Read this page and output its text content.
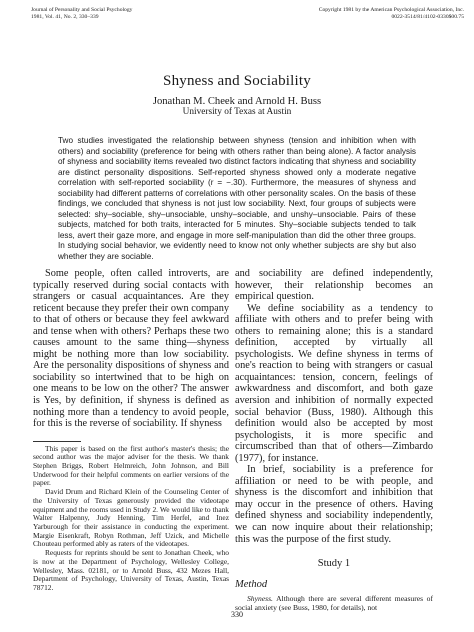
Journal of Personality and Social Psychology
1981, Vol. 41, No. 2, 330–339
Copyright 1981 by the American Psychological Association, Inc.
0022-3514/81/4102-0330$00.75
Shyness and Sociability
Jonathan M. Cheek and Arnold H. Buss
University of Texas at Austin

Two studies investigated the relationship between shyness (tension and inhibition when with others) and sociability (preference for being with others rather than being alone). A factor analysis of shyness and sociability items revealed two distinct factors indicating that shyness and sociability are distinct personality dispositions. Self-reported shyness showed only a moderate negative correlation with self-reported sociability (r = −.30). Furthermore, the measures of shyness and sociability had different patterns of correlations with other personality scales. On the basis of these findings, we concluded that shyness is not just low sociability. Next, four groups of subjects were selected: shy–sociable, shy–unsociable, unshy–sociable, and unshy–unsociable. Pairs of these subjects, matched for both traits, interacted for 5 minutes. Shy–sociable subjects tended to talk less, avert their gaze more, and engage in more self-manipulation than did the other three groups. In studying social behavior, we evidently need to know not only whether subjects are shy but also whether they are sociable.

Some people, often called introverts, are typically reserved during social contacts with strangers or casual acquaintances. Are they reticent because they prefer their own company to that of others or because they feel awkward and tense when with others? Perhaps these two causes amount to the same thing—shyness might be nothing more than low sociability. Are the personality dispositions of shyness and sociability so intertwined that to be high on one means to be low on the other? The answer is Yes, by definition, if shyness is defined as nothing more than a tendency to avoid people, for this is the reverse of sociability. If shyness

This paper is based on the first author's master's thesis; the second author was the major adviser for the thesis. We thank Stephen Briggs, Robert Helmreich, John Johnson, and Bill Underwood for their helpful comments on earlier versions of the paper.

David Drum and Richard Klein of the Counseling Center of the University of Texas generously provided the videotape equipment and the rooms used in Study 2. We would like to thank Walter Halpenny, Judy Henning, Tim Herfel, and Inez Yarburough for their assistance in conducting the experiment. Margie Eisenkraft, Robyn Rothman, Jeff Uzick, and Michelle Chouteau performed ably as raters of the videotapes.

Requests for reprints should be sent to Jonathan Cheek, who is now at the Department of Psychology, Wellesley College, Wellesley, Mass. 02181, or to Arnold Buss, 432 Mezes Hall, Department of Psychology, University of Texas, Austin, Texas 78712.

and sociability are defined independently, however, their relationship becomes an empirical question.

We define sociability as a tendency to affiliate with others and to prefer being with others to remaining alone; this is a standard definition, accepted by virtually all psychologists. We define shyness in terms of one's reaction to being with strangers or casual acquaintances: tension, concern, feelings of awkwardness and discomfort, and both gaze aversion and inhibition of normally expected social behavior (Buss, 1980). Although this definition would also be accepted by most psychologists, it is more specific and circumscribed than that of others—Zimbardo (1977), for instance.

In brief, sociability is a preference for affiliation or need to be with people, and shyness is the discomfort and inhibition that may occur in the presence of others. Having defined shyness and sociability independently, we can now inquire about their relationship; this was the purpose of the first study.

Study 1
Method

Shyness. Although there are several different measures of social anxiety (see Buss, 1980, for details), not

330
